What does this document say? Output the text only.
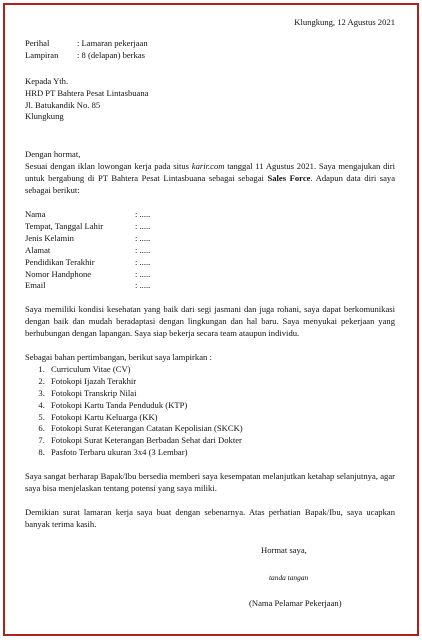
Klungkung, 12 Agustus 2021
Perihal	: Lamaran pekerjaan
Lampiran	: 8 (delapan) berkas
Kepada Yth.
HRD PT Bahtera Pesat Lintasbuana
Jl. Batukandik No. 85
Klungkung

Dengan hormat,

Sesuai dengan iklan lowongan kerja pada situs karir.com tanggal 11 Agustus 2021. Saya mengajukan diri untuk bergabung di PT Bahtera Pesat Lintasbuana sebagai sebagai Sales Force. Adapun data diri saya sebagai berikut:

Nama	: .....
Tempat, Tanggal Lahir	: .....
Jenis Kelamin	: .....
Alamat	: .....
Pendidikan Terakhir	: .....
Nomor Handphone	: .....
Email	: .....

Saya memiliki kondisi kesehatan yang baik dari segi jasmani dan juga rohani, saya dapat berkomunikasi dengan baik dan mudah beradaptasi dengan lingkungan dan hal baru. Saya menyukai pekerjaan yang berhubungan dengan lapangan. Saya siap bekerja secara team ataupun individu.

Sebagai bahan pertimbangan, berikut saya lampirkan :

1. Curriculum Vitae (CV)
2. Fotokopi Ijazah Terakhir
3. Fotokopi Transkrip Nilai
4. Fotokopi Kartu Tanda Penduduk (KTP)
5. Fotokopi Kartu Keluarga (KK)
6. Fotokopi Surat Keterangan Catatan Kepolisian (SKCK)
7. Fotokopi Surat Keterangan Berbadan Sehat dari Dokter
8. Pasfoto Terbaru ukuran 3x4 (3 Lembar)

Saya sangat berharap Bapak/Ibu bersedia memberi saya kesempatan melanjutkan ketahap selanjutnya, agar saya bisa menjelaskan tentang potensi yang saya miliki.

Demikian surat lamaran kerja saya buat dengan sebenarnya. Atas perhatian Bapak/Ibu, saya ucapkan banyak terima kasih.

Hormat saya,
tanda tangan
(Nama Pelamar Pekerjaan)
